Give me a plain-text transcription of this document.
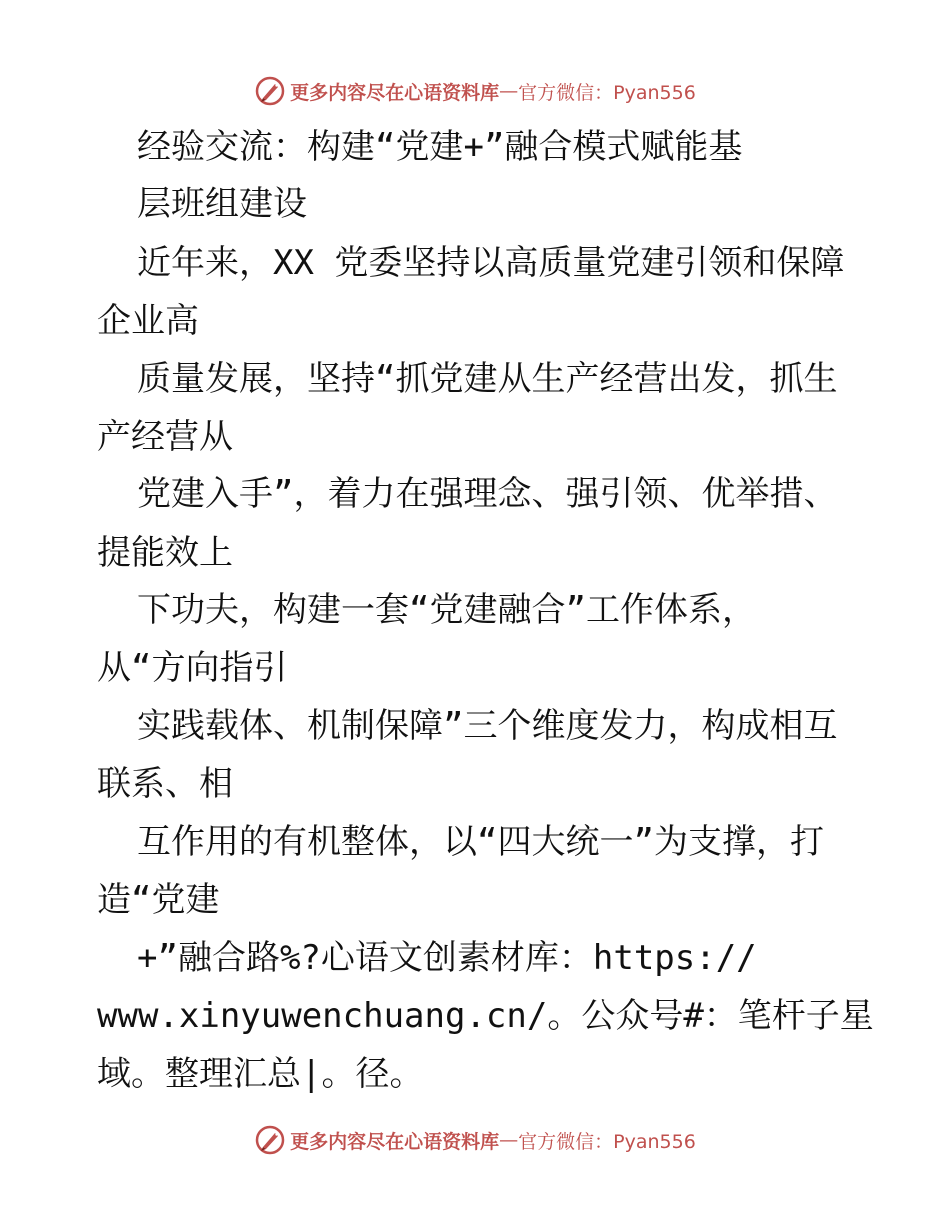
更多内容尽在心语资料库 — 官方微信：Pyan556
经验交流：构建“党建+”融合模式赋能基
层班组建设
近年来，XX 党委坚持以高质量党建引领和保障
企业高
质量发展，坚持“抓党建从生产经营出发，抓生
产经营从
党建入手”，着力在强理念、强引领、优举措、
提能效上
下功夫，构建一套“党建融合”工作体系，
从“方向指引
实践载体、机制保障”三个维度发力，构成相互
联系、相
互作用的有机整体，以“四大统一”为支撑，打
造“党建
+”融合路%?心语文创素材库：https://
www.xinyuwenchuang.cn/。公众号#：笔杆子星
域。整理汇总|。径。
更多内容尽在心语资料库 — 官方微信：Pyan556
